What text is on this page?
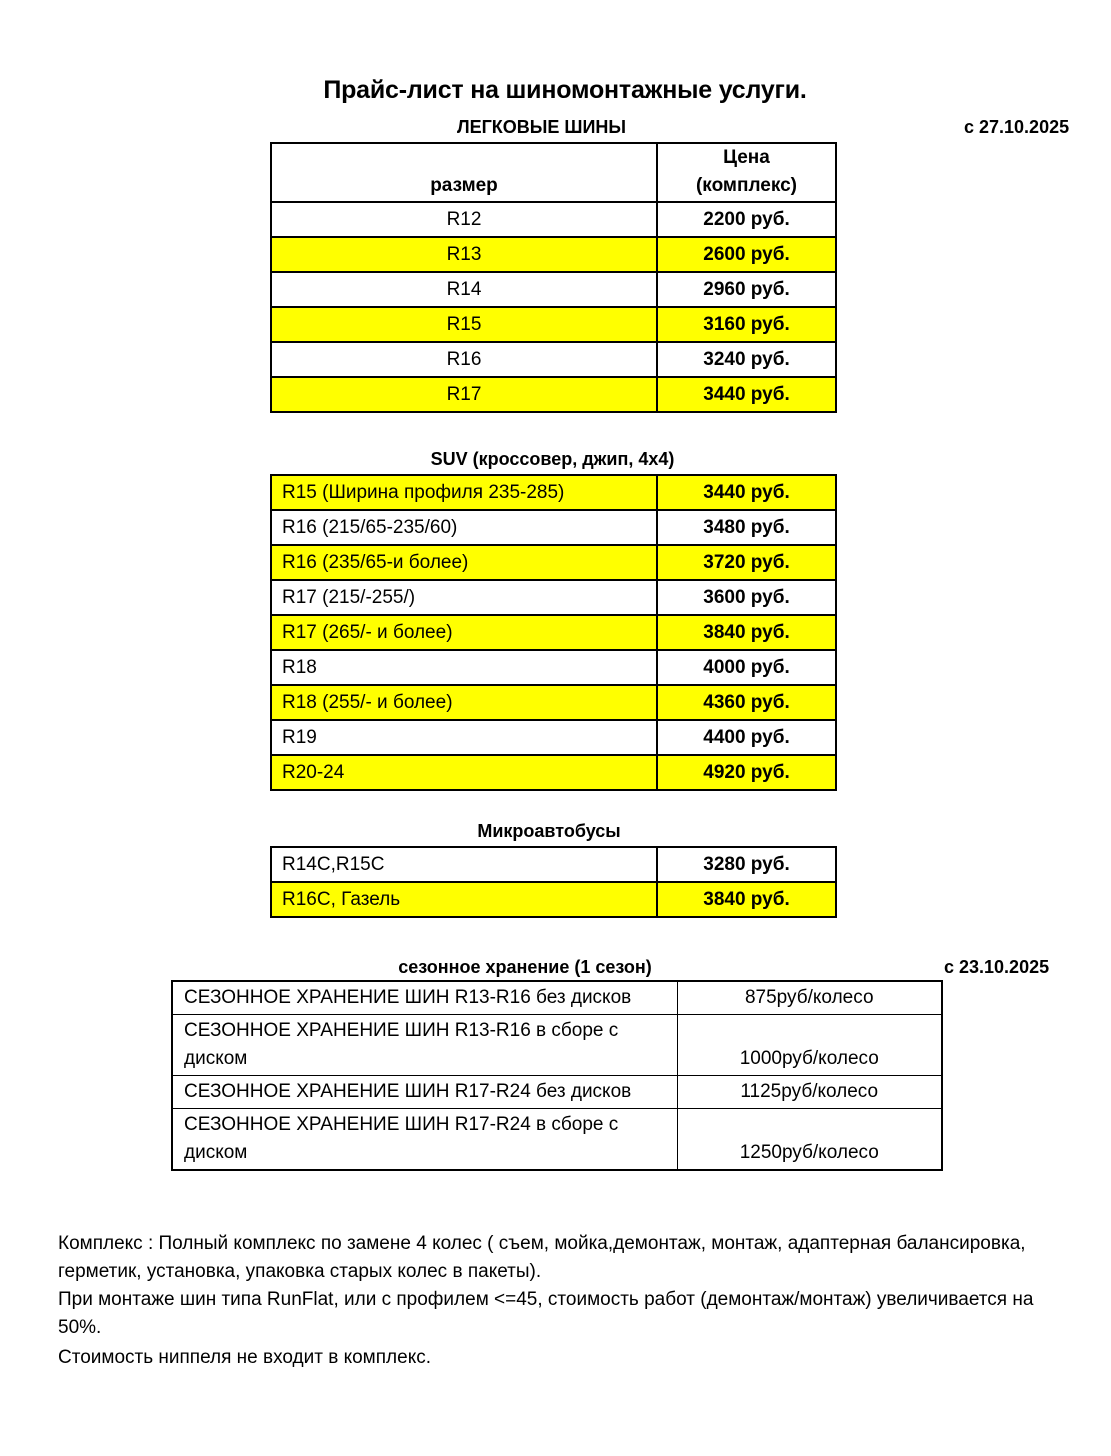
Прайс-лист на шиномонтажные услуги.
ЛЕГКОВЫЕ ШИНЫ	с 27.10.2025
размер	Цена
(комплекс)
R12	2200 руб.
R13	2600 руб.
R14	2960 руб.
R15	3160 руб.
R16	3240 руб.
R17	3440 руб.
SUV (кроссовер, джип, 4x4)
R15 (Ширина профиля 235-285)	3440 руб.
R16 (215/65-235/60)	3480 руб.
R16 (235/65-и более)	3720 руб.
R17 (215/-255/)	3600 руб.
R17 (265/- и более)	3840 руб.
R18	4000 руб.
R18 (255/- и более)	4360 руб.
R19	4400 руб.
R20-24	4920 руб.
Микроавтобусы
R14C,R15C	3280 руб.
R16C, Газель	3840 руб.
сезонное хранение (1 сезон)	с 23.10.2025
СЕЗОННОЕ ХРАНЕНИЕ ШИН R13-R16 без дисков	875руб/колесо
СЕЗОННОЕ ХРАНЕНИЕ ШИН R13-R16 в сборе с диском	1000руб/колесо
СЕЗОННОЕ ХРАНЕНИЕ ШИН R17-R24 без дисков	1125руб/колесо
СЕЗОННОЕ ХРАНЕНИЕ ШИН R17-R24 в сборе с диском	1250руб/колесо

Комплекс : Полный комплекс по замене 4 колес ( съем, мойка,демонтаж, монтаж, адаптерная балансировка, герметик, установка, упаковка старых колес в пакеты).

При монтаже шин типа RunFlat, или с профилем <=45, стоимость работ (демонтаж/монтаж) увеличивается на 50%.

Стоимость ниппеля не входит в комплекс.
